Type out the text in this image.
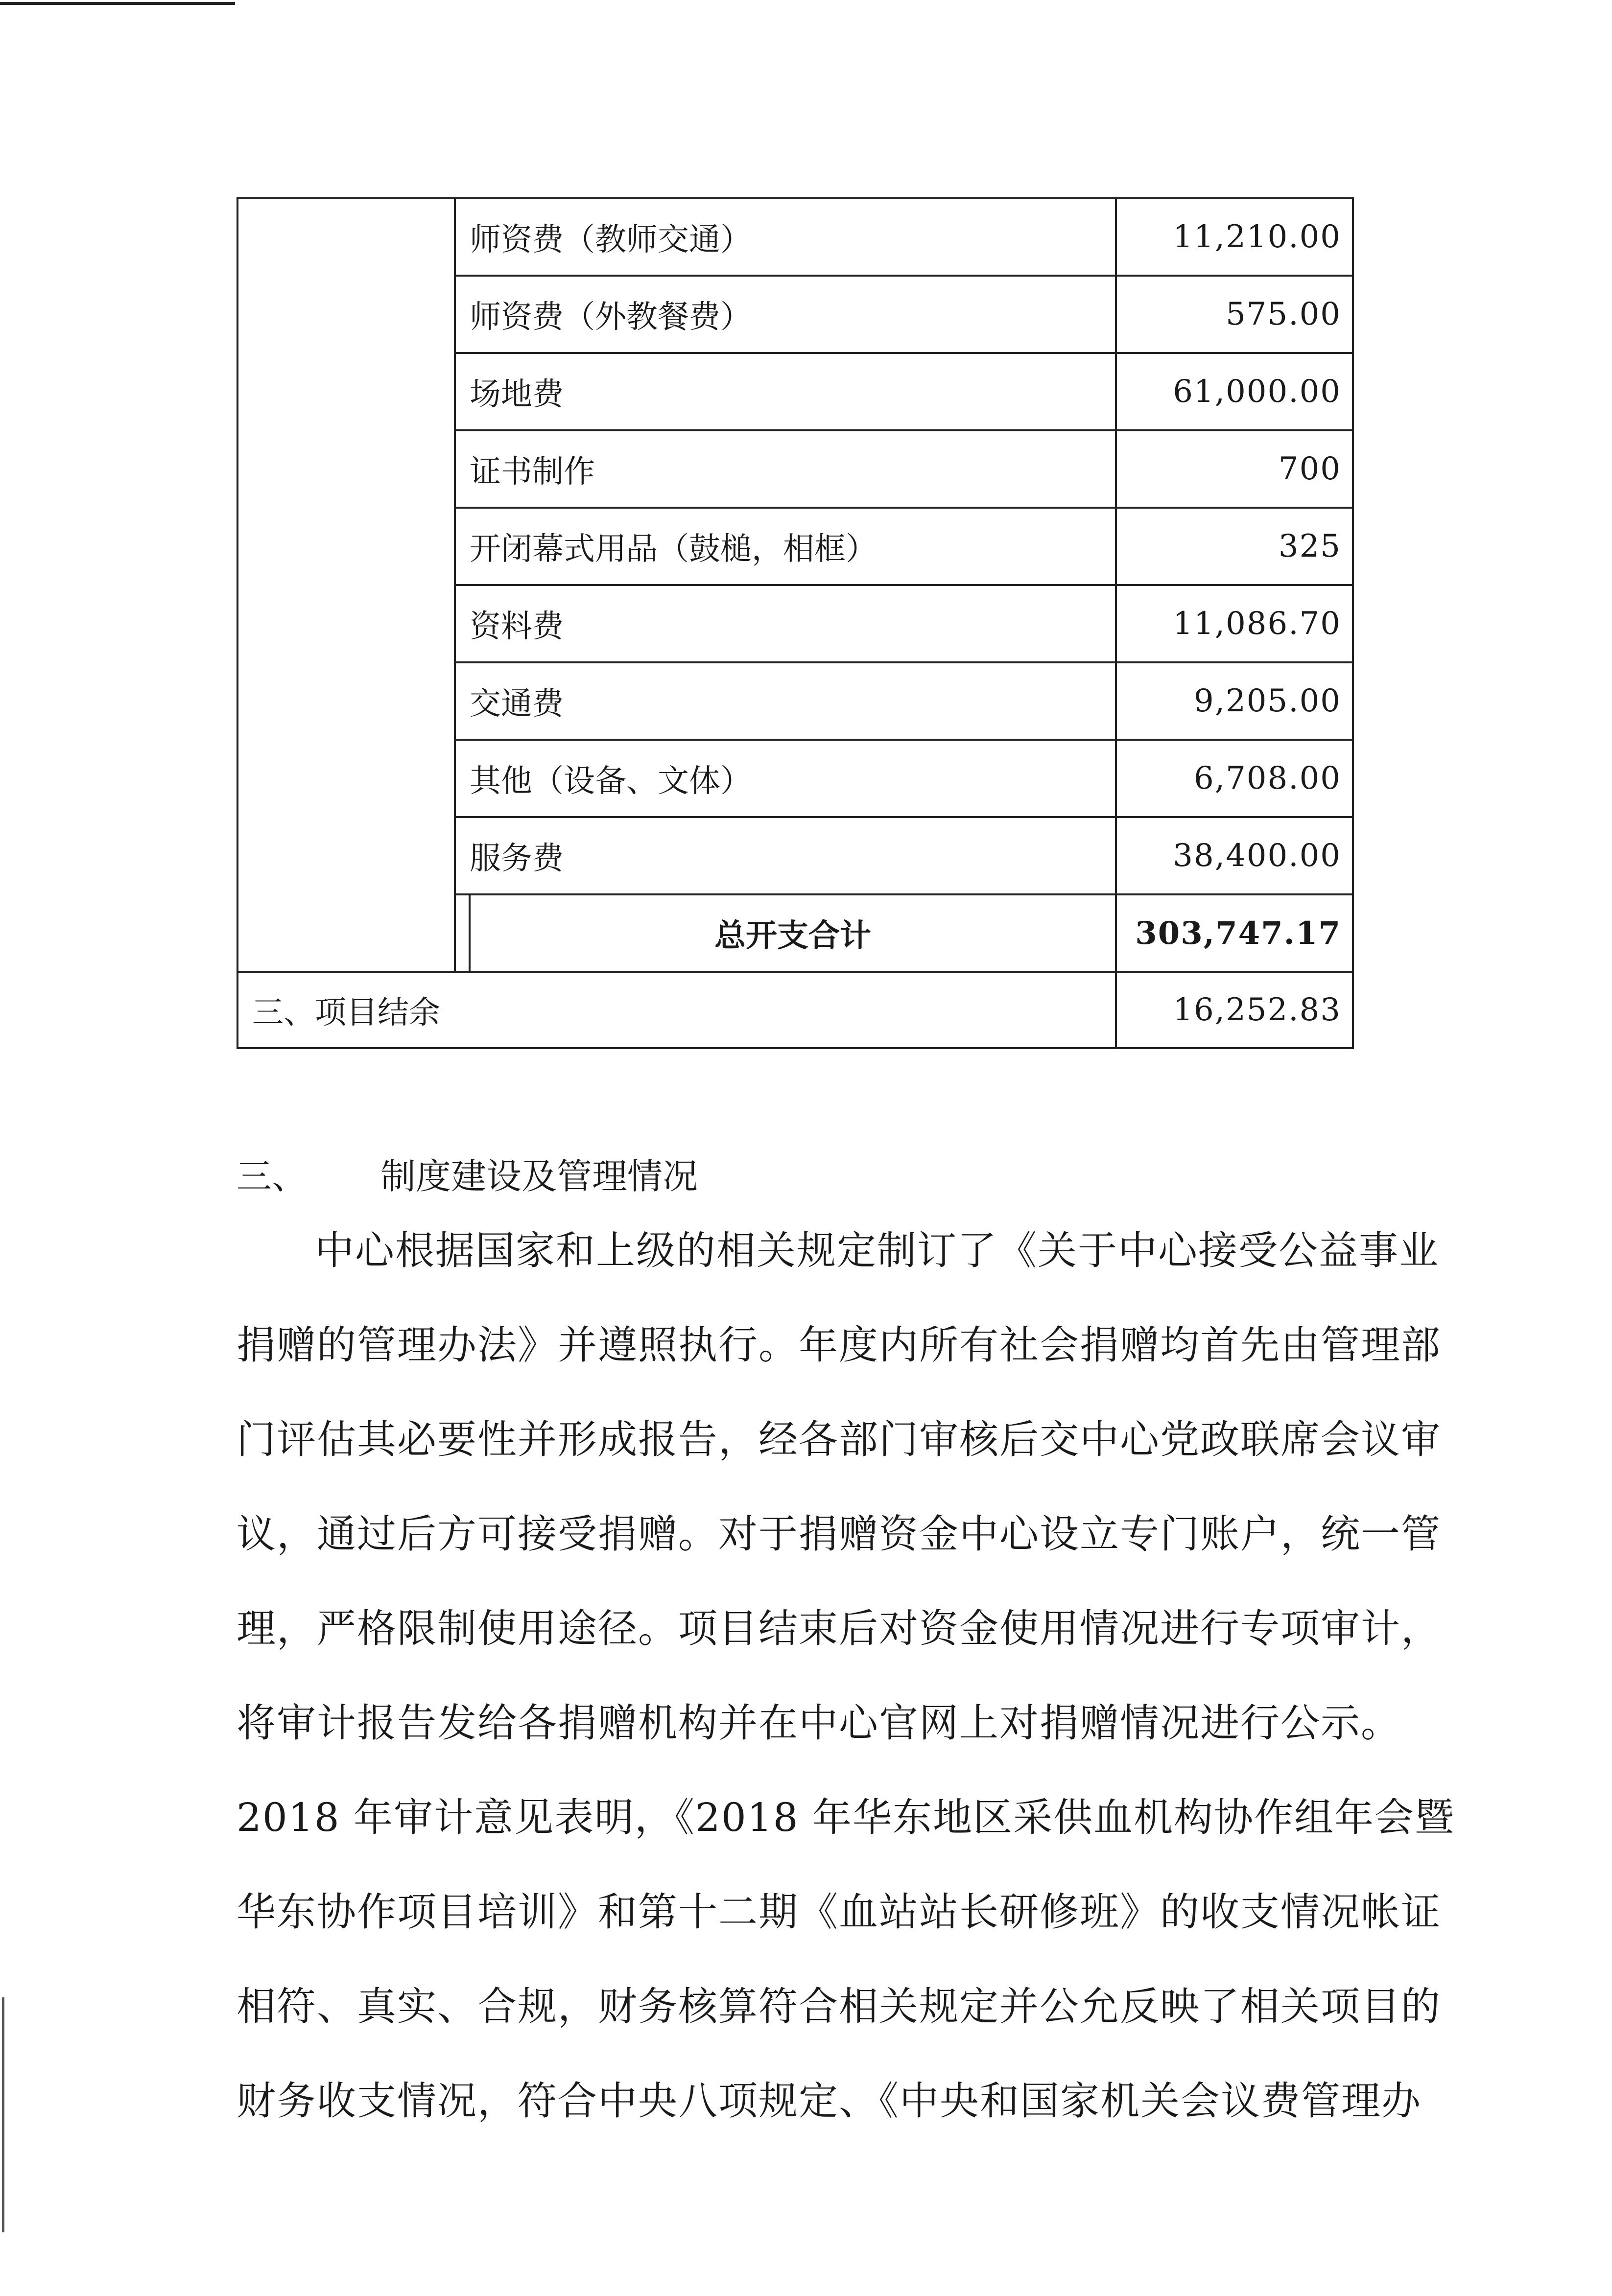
师资费（教师交通）	11,210.00
师资费（外教餐费）	575.00
场地费	61,000.00
证书制作	700
开闭幕式用品（鼓槌，相框）	325
资料费	11,086.70
交通费	9,205.00
其他（设备、文体）	6,708.00
服务费	38,400.00
总开支合计	303,747.17
三、项目结余	16,252.83
三、 制度建设及管理情况
中心根据国家和上级的相关规定制订了《关于中心接受公益事业
捐赠的管理办法》并遵照执行。年度内所有社会捐赠均首先由管理部
门评估其必要性并形成报告，经各部门审核后交中心党政联席会议审
议，通过后方可接受捐赠。对于捐赠资金中心设立专门账户，统一管
理，严格限制使用途径。项目结束后对资金使用情况进行专项审计，
将审计报告发给各捐赠机构并在中心官网上对捐赠情况进行公示。
2018 年审计意见表明，《2018 年华东地区采供血机构协作组年会暨
华东协作项目培训》和第十二期《血站站长研修班》的收支情况帐证
相符、真实、合规，财务核算符合相关规定并公允反映了相关项目的
财务收支情况，符合中央八项规定、《中央和国家机关会议费管理办
